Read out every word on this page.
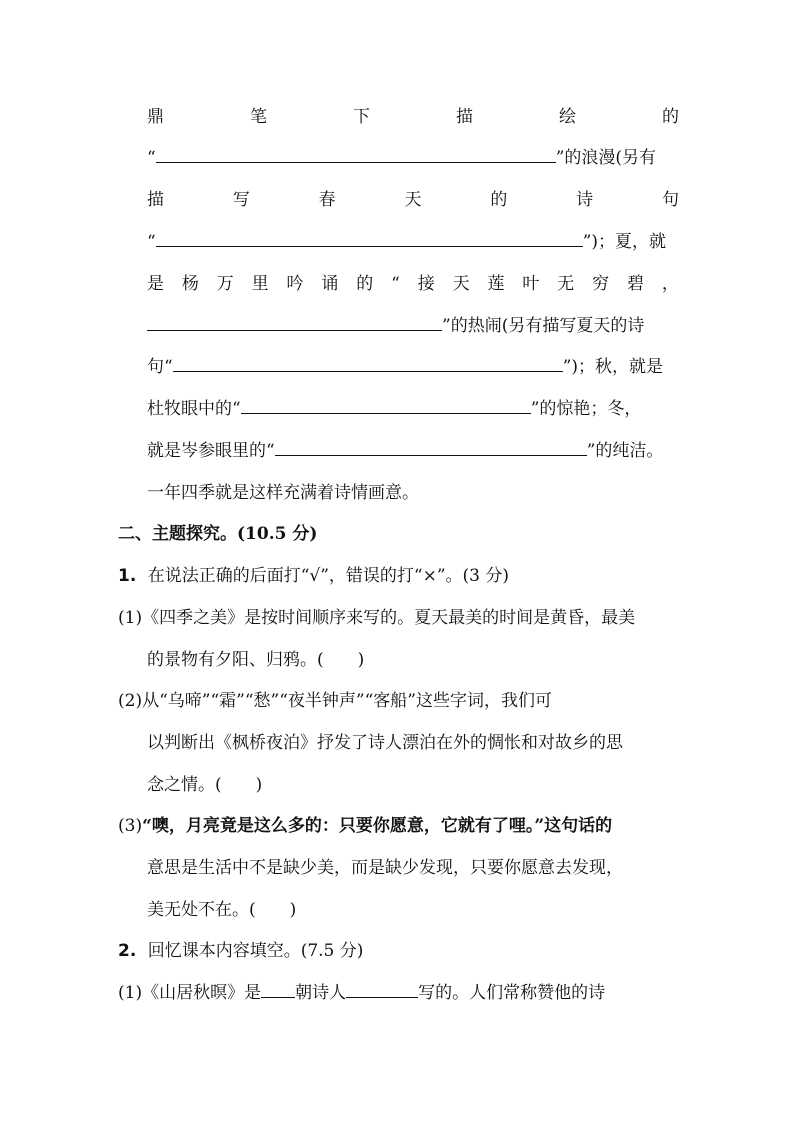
鼎	笔	下	描	绘	的
“	”的浪漫(另有
描	写	春	天	的	诗	句
“	”)；夏，就
是 杨 万 里 吟 诵 的 “ 接 天 莲 叶 无 穷 碧 ，
”的热闹(另有描写夏天的诗
句“	”)；秋，就是
杜牧眼中的“	”的惊艳；冬，
就是岑参眼里的“	”的纯洁。
一年四季就是这样充满着诗情画意。
二、主题探究。(10.5 分)
1. 在说法正确的后面打“√”，错误的打“×”。(3 分)
(1)《四季之美》是按时间顺序来写的。夏天最美的时间是黄昏，最美
的景物有夕阳、归鸦。(　　)
(2)从“乌啼”“霜”“愁”“夜半钟声”“客船”这些字词，我们可
以判断出《枫桥夜泊》抒发了诗人漂泊在外的惆怅和对故乡的思
念之情。(　　)
(3)“噢，月亮竟是这么多的：只要你愿意，它就有了哩。”这句话的
意思是生活中不是缺少美，而是缺少发现，只要你愿意去发现，
美无处不在。(　　)
2. 回忆课本内容填空。(7.5 分)
(1)《山居秋暝》是 朝诗人	写的。人们常称赞他的诗
